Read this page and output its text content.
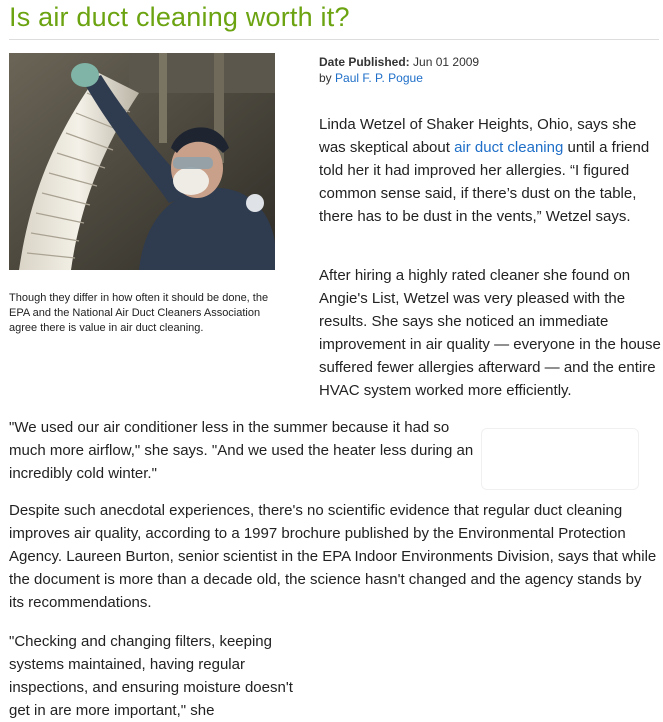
Is air duct cleaning worth it?
Though they differ in how often it should be done, the EPA and the National Air Duct Cleaners Association agree there is value in air duct cleaning.
Date Published: Jun 01 2009
by Paul F. P. Pogue

Linda Wetzel of Shaker Heights, Ohio, says she was skeptical about air duct cleaning until a friend told her it had improved her allergies. “I figured common sense said, if there’s dust on the table, there has to be dust in the vents,” Wetzel says.

After hiring a highly rated cleaner she found on Angie's List, Wetzel was very pleased with the results. She says she noticed an immediate improvement in air quality — everyone in the house suffered fewer allergies afterward — and the entire HVAC system worked more efficiently.

"We used our air conditioner less in the summer because it had so much more airflow," she says. "And we used the heater less during an incredibly cold winter."

Despite such anecdotal experiences, there's no scientific evidence that regular duct cleaning improves air quality, according to a 1997 brochure published by the Environmental Protection Agency. Laureen Burton, senior scientist in the EPA Indoor Environments Division, says that while the document is more than a decade old, the science hasn't changed and the agency stands by its recommendations.

"Checking and changing filters, keeping systems maintained, having regular inspections, and ensuring moisture doesn't get in are more important," she
